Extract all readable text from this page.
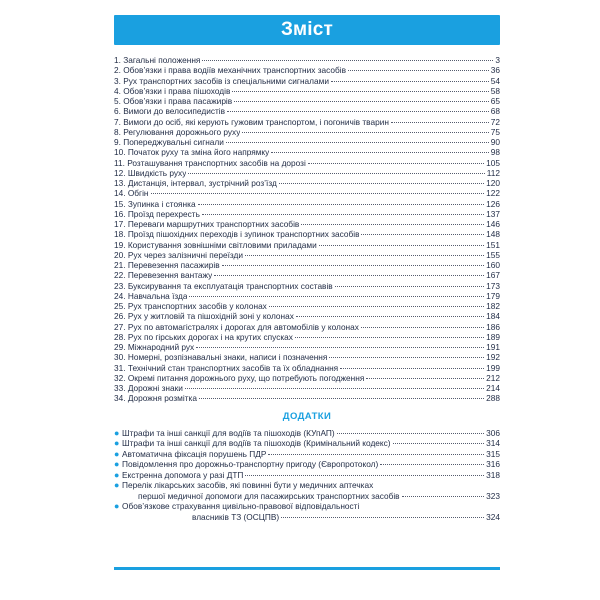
Зміст
1. Загальні положення	3
2. Обов’язки і права водіїв механічних транспортних засобів	36
3. Рух транспортних засобів із спеціальними сигналами	54
4. Обов’язки і права пішоходів	58
5. Обов’язки і права пасажирів	65
6. Вимоги до велосипедистів	68
7. Вимоги до осіб, які керують гужовим транспортом, і погоничів тварин	72
8. Регулювання дорожнього руху	75
9. Попереджувальні сигнали	90
10. Початок руху та зміна його напрямку	98
11. Розташування транспортних засобів на дорозі	105
12. Швидкість руху	112
13. Дистанція, інтервал, зустрічний роз’їзд	120
14. Обгін	122
15. Зупинка і стоянка	126
16. Проїзд перехресть	137
17. Переваги маршрутних транспортних засобів	146
18. Проїзд пішохідних переходів і зупинок транспортних засобів	148
19. Користування зовнішніми світловими приладами	151
20. Рух через залізничні переїзди	155
21. Перевезення пасажирів	160
22. Перевезення вантажу	167
23. Буксирування та експлуатація транспортних составів	173
24. Навчальна їзда	179
25. Рух транспортних засобів у колонах	182
26. Рух у житловій та пішохідній зоні у колонах	184
27. Рух по автомагістралях і дорогах для автомобілів у колонах	186
28. Рух по гірських дорогах і на крутих спусках	189
29. Міжнародний рух	191
30. Номерні, розпізнавальні знаки, написи і позначення	192
31. Технічний стан транспортних засобів та їх обладнання	199
32. Окремі питання дорожнього руху, що потребують погодження	212
33. Дорожні знаки	214
34. Дорожня розмітка	288
ДОДАТКИ
● Штрафи та інші санкції для водіїв та пішоходів (КУпАП)	306
● Штрафи та інші санкції для водіїв та пішоходів (Кримінальний кодекс)	314
● Автоматична фіксація порушень ПДР	315
● Повідомлення про дорожньо-транспортну пригоду (Європротокол)	316
● Екстренна допомога у разі ДТП	318
● Перелік лікарських засобів, які повинні бути у медичних аптечках
першої медичної допомоги для пасажирських транспортних засобів	323
● Обов’язкове страхування цивільно-правової відповідальності
власників ТЗ (ОСЦПВ)	324
